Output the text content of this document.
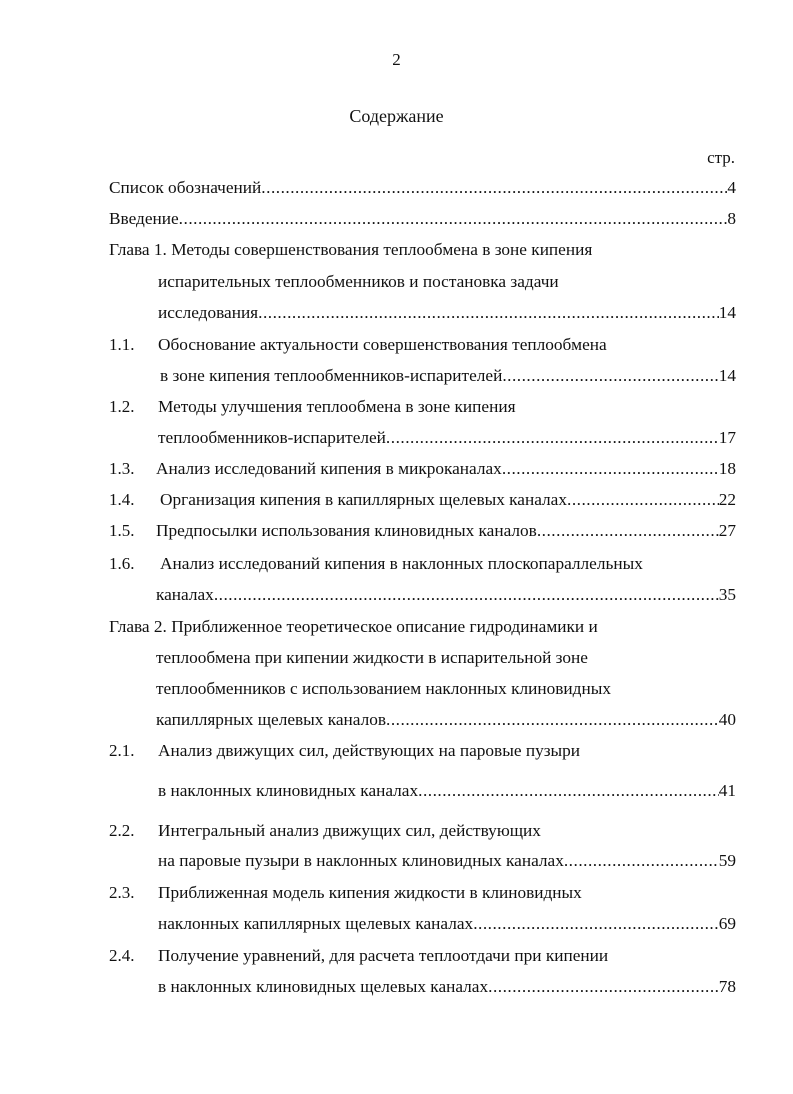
2
Содержание
стр.
Список обозначений .....	4
Введение .....	8
Глава 1. Методы совершенствования теплообмена в зоне кипения
испарительных теплообменников и постановка задачи
исследования .....	14
1.1. Обоснование актуальности совершенствования теплообмена
в зоне кипения теплообменников-испарителей .....	14
1.2. Методы улучшения теплообмена в зоне кипения
теплообменников-испарителей .....	17
1.3. Анализ исследований кипения в микроканалах .....	18
1.4. Организация кипения в капиллярных щелевых каналах .....	22
1.5. Предпосылки использования клиновидных каналов .....	27
1.6. Анализ исследований кипения в наклонных плоскопараллельных
каналах .....	35
Глава 2. Приближенное теоретическое описание гидродинамики и
теплообмена при кипении жидкости в испарительной зоне
теплообменников с использованием наклонных клиновидных
капиллярных щелевых каналов .....	40
2.1. Анализ движущих сил, действующих на паровые пузыри
в наклонных клиновидных каналах .....	41
2.2. Интегральный анализ движущих сил, действующих
на паровые пузыри в наклонных клиновидных каналах .....	59
2.3. Приближенная модель кипения жидкости в клиновидных
наклонных капиллярных щелевых каналах .....	69
2.4. Получение уравнений, для расчета теплоотдачи при кипении
в наклонных клиновидных щелевых каналах .....	78
